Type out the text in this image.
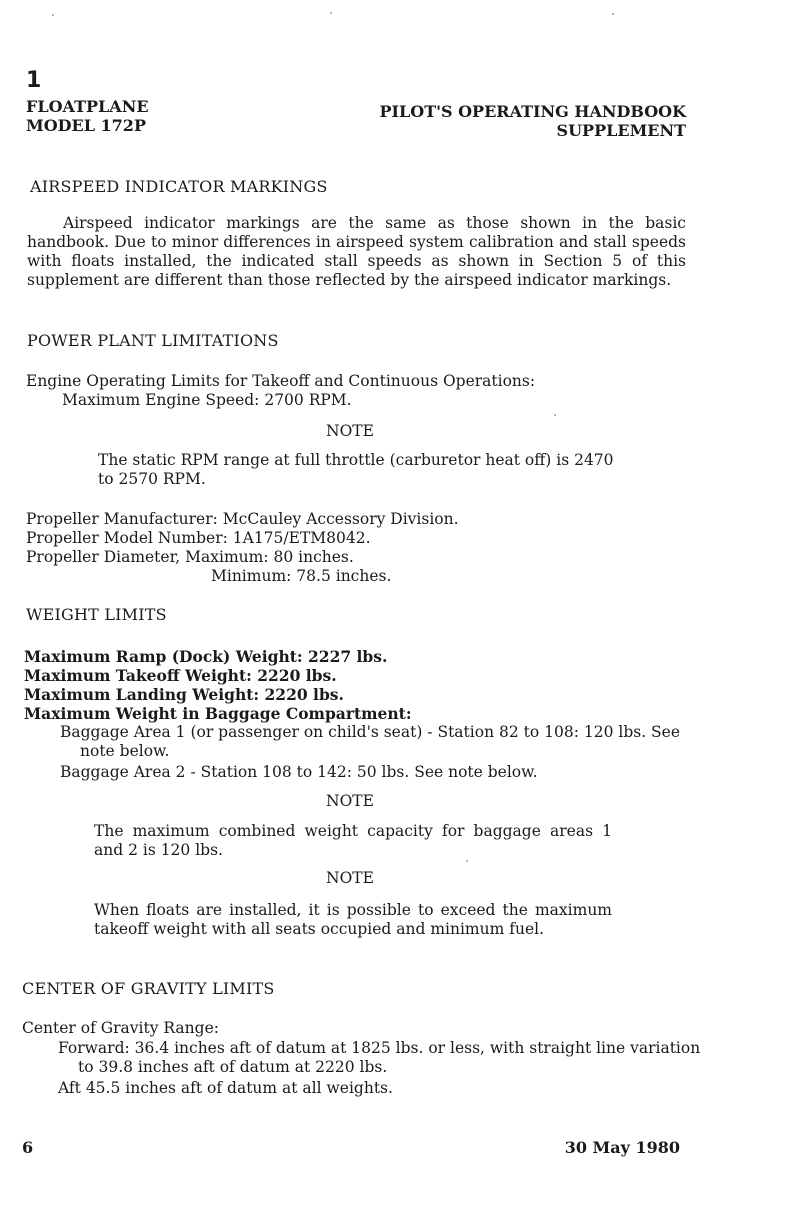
1
FLOATPLANE
MODEL 172P
PILOT'S OPERATING HANDBOOK
SUPPLEMENT
AIRSPEED INDICATOR MARKINGS

Airspeed indicator markings are the same as those shown in the basic handbook. Due to minor differences in airspeed system calibration and stall speeds with floats installed, the indicated stall speeds as shown in Section 5 of this supplement are different than those reflected by the airspeed indicator markings.

POWER PLANT LIMITATIONS
Engine Operating Limits for Takeoff and Continuous Operations:
Maximum Engine Speed: 2700 RPM.
NOTE

The static RPM range at full throttle (carburetor heat off) is 2470 to 2570 RPM.

Propeller Manufacturer: McCauley Accessory Division.
Propeller Model Number: 1A175/ETM8042.
Propeller Diameter, Maximum: 80 inches.
Minimum: 78.5 inches.
WEIGHT LIMITS
Maximum Ramp (Dock) Weight: 2227 lbs.
Maximum Takeoff Weight: 2220 lbs.
Maximum Landing Weight: 2220 lbs.
Maximum Weight in Baggage Compartment:

Baggage Area 1 (or passenger on child's seat) - Station 82 to 108: 120 lbs. See note below.

Baggage Area 2 - Station 108 to 142: 50 lbs. See note below.
NOTE

The maximum combined weight capacity for baggage areas 1 and 2 is 120 lbs.

NOTE

When floats are installed, it is possible to exceed the maximum takeoff weight with all seats occupied and minimum fuel.

CENTER OF GRAVITY LIMITS
Center of Gravity Range:

Forward: 36.4 inches aft of datum at 1825 lbs. or less, with straight line variation to 39.8 inches aft of datum at 2220 lbs.

Aft 45.5 inches aft of datum at all weights.
6	30 May 1980
